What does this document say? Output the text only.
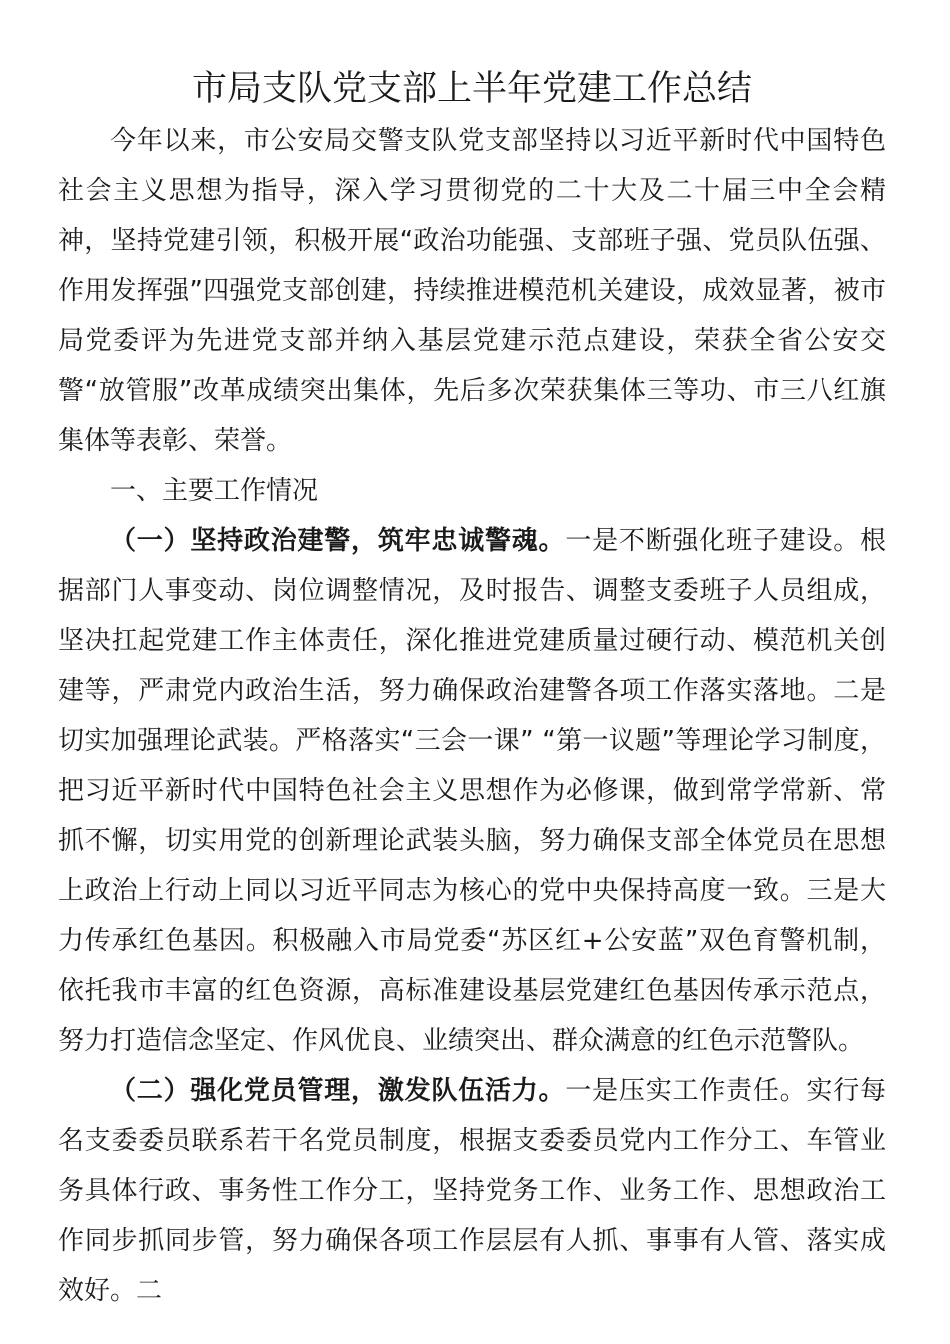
市局支队党支部上半年党建工作总结

今年以来，市公安局交警支队党支部坚持以习近平新时代中国特色社会主义思想为指导，深入学习贯彻党的二十大及二十届三中全会精神，坚持党建引领，积极开展“政治功能强、支部班子强、党员队伍强、作用发挥强”四强党支部创建，持续推进模范机关建设，成效显著，被市局党委评为先进党支部并纳入基层党建示范点建设，荣获全省公安交警“放管服”改革成绩突出集体，先后多次荣获集体三等功、市三八红旗集体等表彰、荣誉。

一、主要工作情况

（一）坚持政治建警，筑牢忠诚警魂。一是不断强化班子建设。根据部门人事变动、岗位调整情况，及时报告、调整支委班子人员组成，坚决扛起党建工作主体责任，深化推进党建质量过硬行动、模范机关创建等，严肃党内政治生活，努力确保政治建警各项工作落实落地。二是切实加强理论武装。严格落实“三会一课” “第一议题”等理论学习制度，把习近平新时代中国特色社会主义思想作为必修课，做到常学常新、常抓不懈，切实用党的创新理论武装头脑，努力确保支部全体党员在思想上政治上行动上同以习近平同志为核心的党中央保持高度一致。三是大力传承红色基因。积极融入市局党委“苏区红+公安蓝”双色育警机制，依托我市丰富的红色资源，高标准建设基层党建红色基因传承示范点，努力打造信念坚定、作风优良、业绩突出、群众满意的红色示范警队。

（二）强化党员管理，激发队伍活力。一是压实工作责任。实行每名支委委员联系若干名党员制度，根据支委委员党内工作分工、车管业务具体行政、事务性工作分工，坚持党务工作、业务工作、思想政治工作同步抓同步管，努力确保各项工作层层有人抓、事事有人管、落实成效好。二
